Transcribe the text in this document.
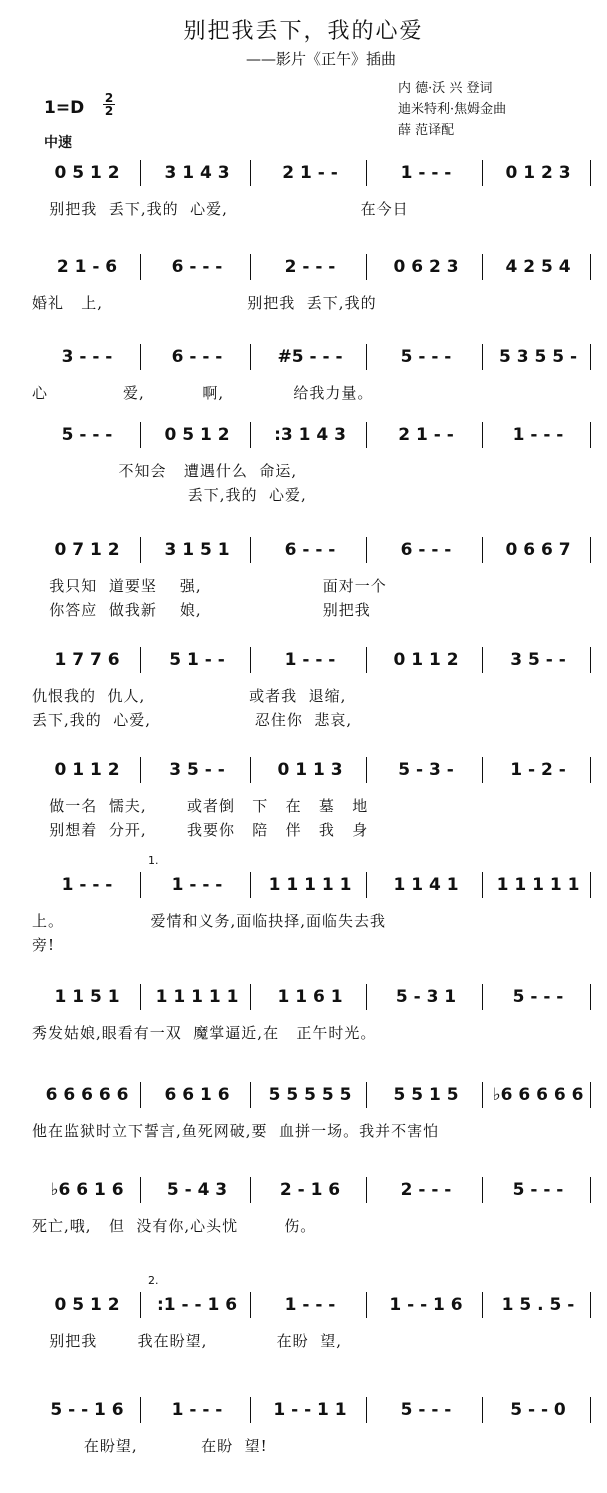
别把我丢下，我的心爱
——影片《正午》插曲
内 德·沃 兴 登词
迪米特利·焦姆金曲
薛 范译配
1=D 2
2
中速
0 5 1 2	3 1 4 3	2 1 - -	1 - - -	0 1 2 3
别把我  丢下,我的  心爱,                       在今日
2 1 - 6	6 - - -	2 - - -	0 6 2 3	4 2 5 4
婚礼   上,                         别把我  丢下,我的
3 - - -	6 - - -	#5 - - -	5 - - -	5 3 5 5 -
心             爱,          啊,            给我力量。
5 - - -	0 5 1 2	:3 1 4 3	2 1 - -	1 - - -
不知会   遭遇什么  命运,
丢下,我的  心爱,
0 7 1 2	3 1 5 1	6 - - -	6 - - -	0 6 6 7
我只知  道要坚    强,                     面对一个
你答应  做我新    娘,                     别把我
1 7 7 6	5 1 - -	1 - - -	0 1 1 2	3 5 - -
仇恨我的  仇人,                  或者我  退缩,
丢下,我的  心爱,                  忍住你  悲哀,
0 1 1 2	3 5 - -	0 1 1 3	5 - 3 -	1 - 2 -
做一名  懦夫,       或者倒   下   在   墓   地
别想着  分开,       我要你   陪   伴   我   身
1 - - -	1 - - -	1 1 1 1 1	1 1 4 1	1 1 1 1 1
1.
上。               爱情和义务,面临抉择,面临失去我
旁!
1 1 5 1	1 1 1 1 1	1 1 6 1	5 - 3 1	5 - - -
秀发姑娘,眼看有一双  魔掌逼近,在   正午时光。
6 6 6 6 6	6 6 1 6	5 5 5 5 5	5 5 1 5	♭6 6 6 6 6
他在监狱时立下誓言,鱼死网破,要  血拼一场。我并不害怕
♭6 6 1 6	5 - 4 3	2 - 1 6	2 - - -	5 - - -
死亡,哦,   但  没有你,心头忧        伤。
0 5 1 2	:1 - - 1 6	1 - - -	1 - - 1 6	1 5 . 5 -
2.
别把我       我在盼望,            在盼  望,
5 - - 1 6	1 - - -	1 - - 1 1	5 - - -	5 - - 0
在盼望,           在盼  望!
